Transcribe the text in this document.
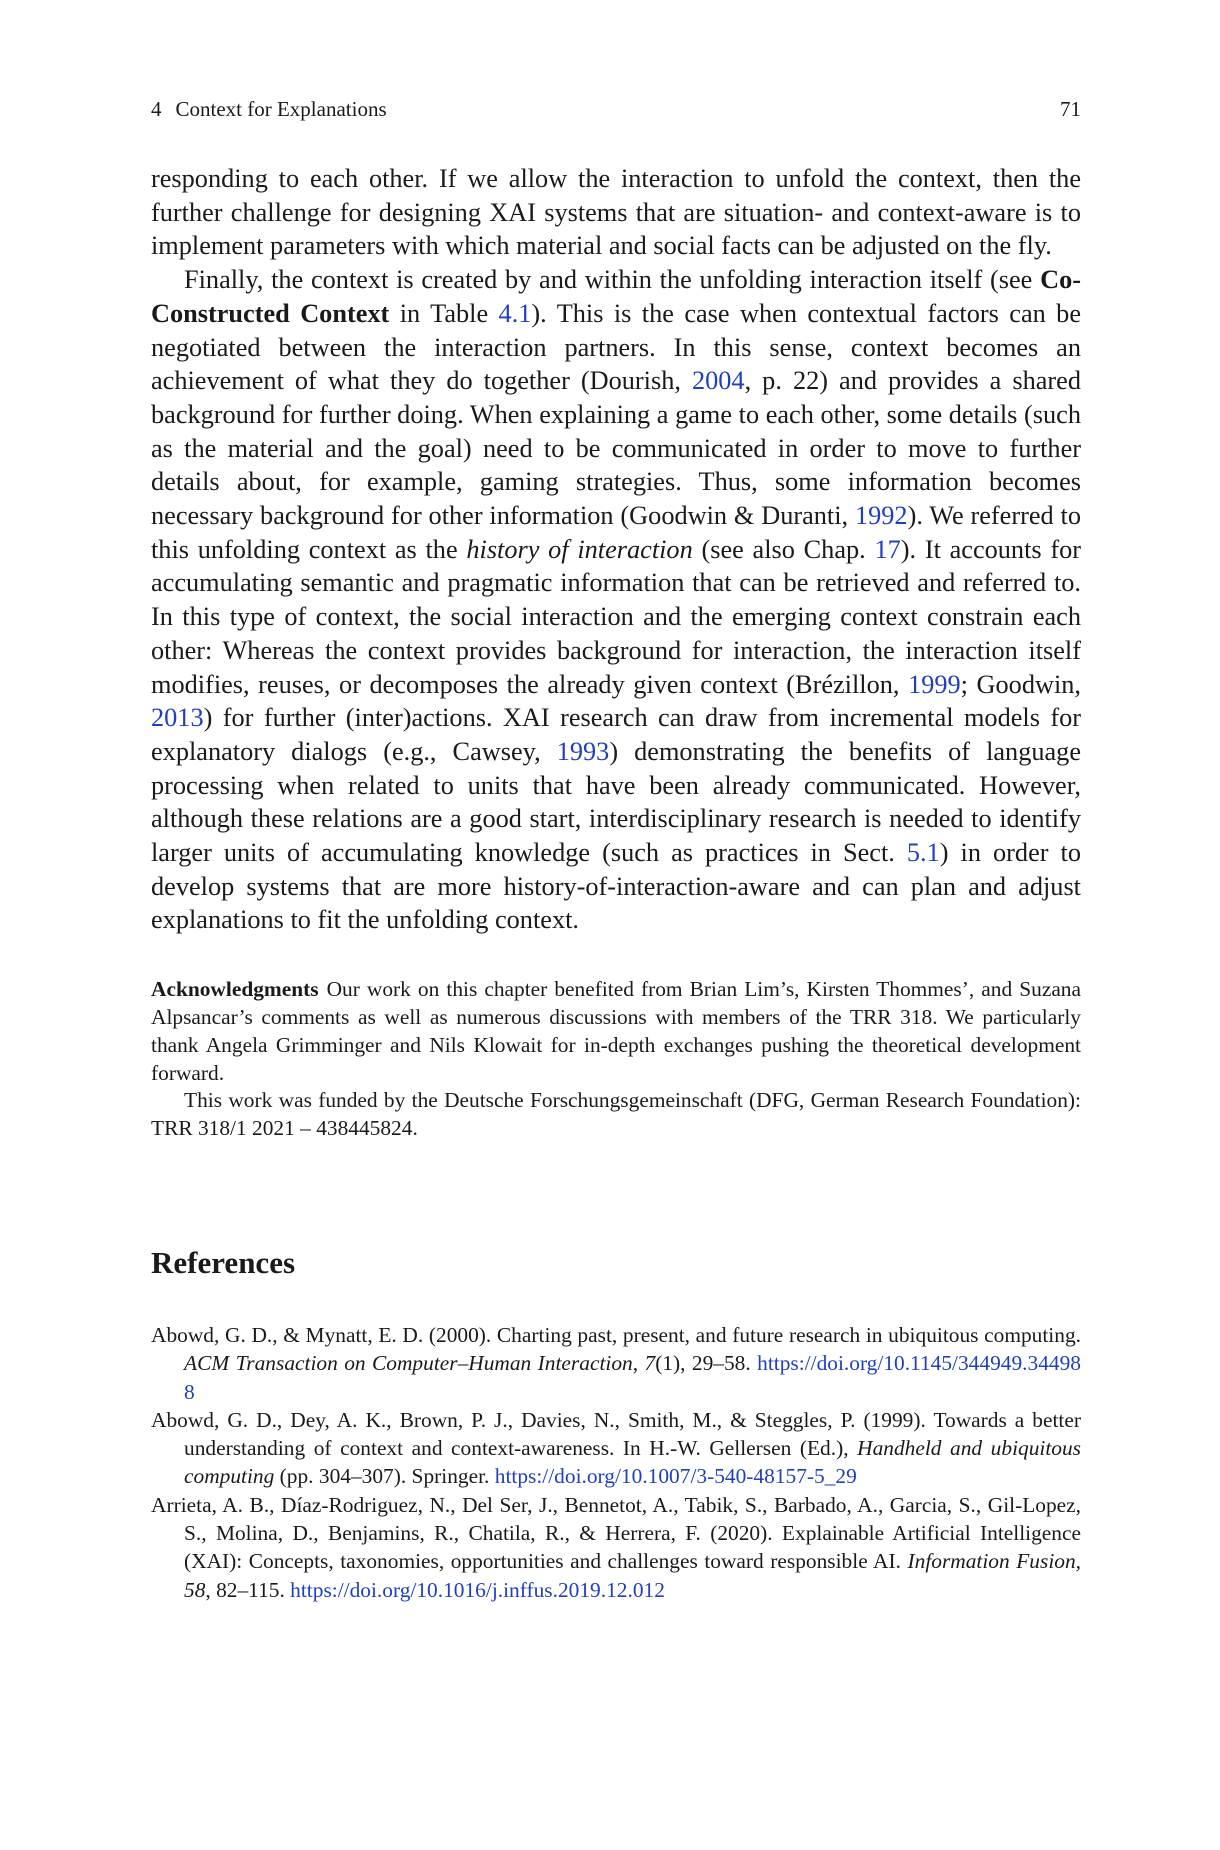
4 Context for Explanations	71

responding to each other. If we allow the interaction to unfold the context, then the further challenge for designing XAI systems that are situation- and context-aware is to implement parameters with which material and social facts can be adjusted on the fly.

Finally, the context is created by and within the unfolding interaction itself (see Co-Constructed Context in Table 4.1). This is the case when contextual factors can be negotiated between the interaction partners. In this sense, context becomes an achievement of what they do together (Dourish, 2004, p. 22) and provides a shared background for further doing. When explaining a game to each other, some details (such as the material and the goal) need to be communicated in order to move to further details about, for example, gaming strategies. Thus, some information becomes necessary background for other information (Goodwin & Duranti, 1992). We referred to this unfolding context as the history of interaction (see also Chap. 17). It accounts for accumulating semantic and pragmatic information that can be retrieved and referred to. In this type of context, the social interaction and the emerging context constrain each other: Whereas the context provides background for interaction, the interaction itself modifies, reuses, or decomposes the already given context (Brézillon, 1999; Goodwin, 2013) for further (inter)actions. XAI research can draw from incremental models for explanatory dialogs (e.g., Cawsey, 1993) demonstrating the benefits of language processing when related to units that have been already communicated. However, although these relations are a good start, interdisciplinary research is needed to identify larger units of accumulating knowledge (such as practices in Sect. 5.1) in order to develop systems that are more history-of-interaction-aware and can plan and adjust explanations to fit the unfolding context.

Acknowledgments Our work on this chapter benefited from Brian Lim’s, Kirsten Thommes’, and Suzana Alpsancar’s comments as well as numerous discussions with members of the TRR 318. We particularly thank Angela Grimminger and Nils Klowait for in-depth exchanges pushing the theoretical development forward.

This work was funded by the Deutsche Forschungsgemeinschaft (DFG, German Research Foundation): TRR 318/1 2021 – 438445824.

References

Abowd, G. D., & Mynatt, E. D. (2000). Charting past, present, and future research in ubiquitous computing. ACM Transaction on Computer–Human Interaction, 7(1), 29–58. https://doi.org/10.1145/344949.344988

Abowd, G. D., Dey, A. K., Brown, P. J., Davies, N., Smith, M., & Steggles, P. (1999). Towards a better understanding of context and context-awareness. In H.-W. Gellersen (Ed.), Handheld and ubiquitous computing (pp. 304–307). Springer. https://doi.org/10.1007/3-540-48157-5_29

Arrieta, A. B., Díaz-Rodriguez, N., Del Ser, J., Bennetot, A., Tabik, S., Barbado, A., Garcia, S., Gil-Lopez, S., Molina, D., Benjamins, R., Chatila, R., & Herrera, F. (2020). Explainable Artificial Intelligence (XAI): Concepts, taxonomies, opportunities and challenges toward responsible AI. Information Fusion, 58, 82–115. https://doi.org/10.1016/j.inffus.2019.12.012
